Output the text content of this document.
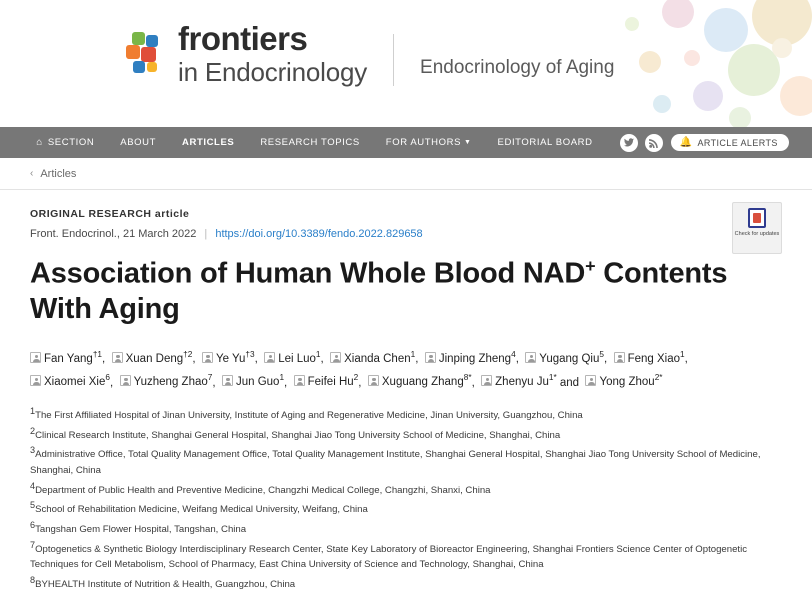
frontiers
in Endocrinology	Endocrinology of Aging
⌂ SECTION	ABOUT	ARTICLES	RESEARCH TOPICS	FOR AUTHORS ▼	EDITORIAL BOARD	🔔 ARTICLE ALERTS
‹ Articles
Check for updates
ORIGINAL RESEARCH article
Front. Endocrinol., 21 March 2022 | https://doi.org/10.3389/fendo.2022.829658
Association of Human Whole Blood NAD+ Contents With Aging
Fan Yang$^{\dagger 1}$,  Xuan Deng$^{\dagger 2}$,  Ye Yu$^{\dagger 3}$,  Lei Luo$^1$,  Xianda Chen$^1$,  Jinping Zheng$^4$,  Yugang Qiu$^5$,  Feng Xiao$^1$,  Xiaomei Xie$^6$,  Yuzheng Zhao$^7$,  Jun Guo$^1$,  Feifei Hu$^2$,  Xuguang Zhang$^{8*}$,  Zhenyu $Ju^{1*}$ and Yong Zhou$^{2*}$
$^1$The First Affiliated Hospital of Jinan University, Institute of Aging and Regenerative Medicine, Jinan University, Guangzhou, China
$^2$Clinical Research Institute, Shanghai General Hospital, Shanghai Jiao Tong University School of Medicine, Shanghai, China
$^3$Administrative Office, Total Quality Management Office, Total Quality Management Institute, Shanghai General Hospital, Shanghai Jiao Tong University School of Medicine, Shanghai, China
$^4$Department of Public Health and Preventive Medicine, Changzhi Medical College, Changzhi, Shanxi, China
$^5$School of Rehabilitation Medicine, Weifang Medical University, Weifang, China
$^6$Tangshan Gem Flower Hospital, Tangshan, China
$^7$Optogenetics & Synthetic Biology Interdisciplinary Research Center, State Key Laboratory of Bioreactor Engineering, Shanghai Frontiers Science Center of Optogenetic Techniques for Cell Metabolism, School of Pharmacy, East China University of Science and Technology, Shanghai, China
$^8$BYHEALTH Institute of Nutrition & Health, Guangzhou, China
